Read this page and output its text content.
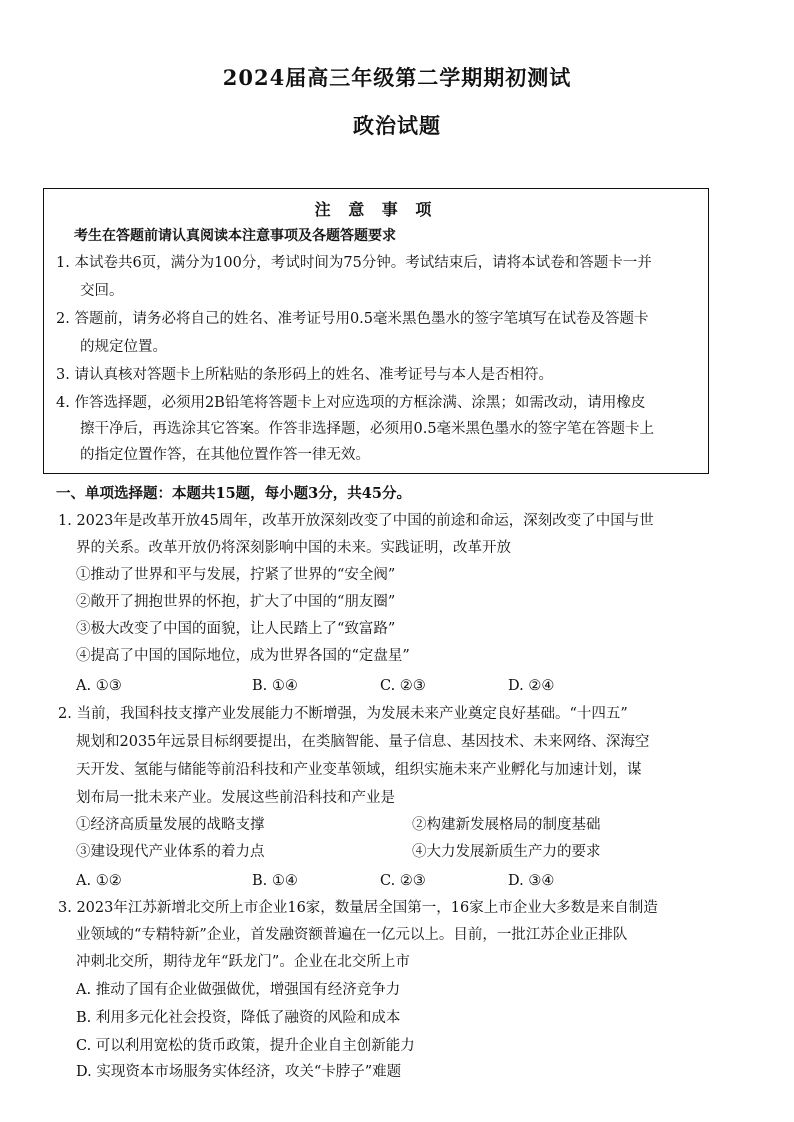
2024届高三年级第二学期期初测试
政治试题
注 意 事 项
考生在答题前请认真阅读本注意事项及各题答题要求
1. 本试卷共6页，满分为100分，考试时间为75分钟。考试结束后，请将本试卷和答题卡一并
交回。
2. 答题前，请务必将自己的姓名、准考证号用0.5毫米黑色墨水的签字笔填写在试卷及答题卡
的规定位置。
3. 请认真核对答题卡上所粘贴的条形码上的姓名、准考证号与本人是否相符。
4. 作答选择题，必须用2B铅笔将答题卡上对应选项的方框涂满、涂黑；如需改动，请用橡皮
擦干净后，再选涂其它答案。作答非选择题，必须用0.5毫米黑色墨水的签字笔在答题卡上
的指定位置作答，在其他位置作答一律无效。
一、单项选择题：本题共15题，每小题3分，共45分。
1. 2023年是改革开放45周年，改革开放深刻改变了中国的前途和命运，深刻改变了中国与世
界的关系。改革开放仍将深刻影响中国的未来。实践证明，改革开放
①推动了世界和平与发展，拧紧了世界的“安全阀”
②敞开了拥抱世界的怀抱，扩大了中国的“朋友圈”
③极大改变了中国的面貌，让人民踏上了“致富路”
④提高了中国的国际地位，成为世界各国的“定盘星”
A. ①③	B. ①④	C. ②③	D. ②④
2. 当前，我国科技支撑产业发展能力不断增强，为发展未来产业奠定良好基础。“十四五”
规划和2035年远景目标纲要提出，在类脑智能、量子信息、基因技术、未来网络、深海空
天开发、氢能与储能等前沿科技和产业变革领域，组织实施未来产业孵化与加速计划，谋
划布局一批未来产业。发展这些前沿科技和产业是
①经济高质量发展的战略支撑	②构建新发展格局的制度基础
③建设现代产业体系的着力点	④大力发展新质生产力的要求
A. ①②	B. ①④	C. ②③	D. ③④
3. 2023年江苏新增北交所上市企业16家，数量居全国第一，16家上市企业大多数是来自制造
业领域的“专精特新”企业，首发融资额普遍在一亿元以上。目前，一批江苏企业正排队
冲刺北交所，期待龙年“跃龙门”。企业在北交所上市
A. 推动了国有企业做强做优，增强国有经济竞争力
B. 利用多元化社会投资，降低了融资的风险和成本
C. 可以利用宽松的货币政策，提升企业自主创新能力
D. 实现资本市场服务实体经济，攻关“卡脖子”难题
